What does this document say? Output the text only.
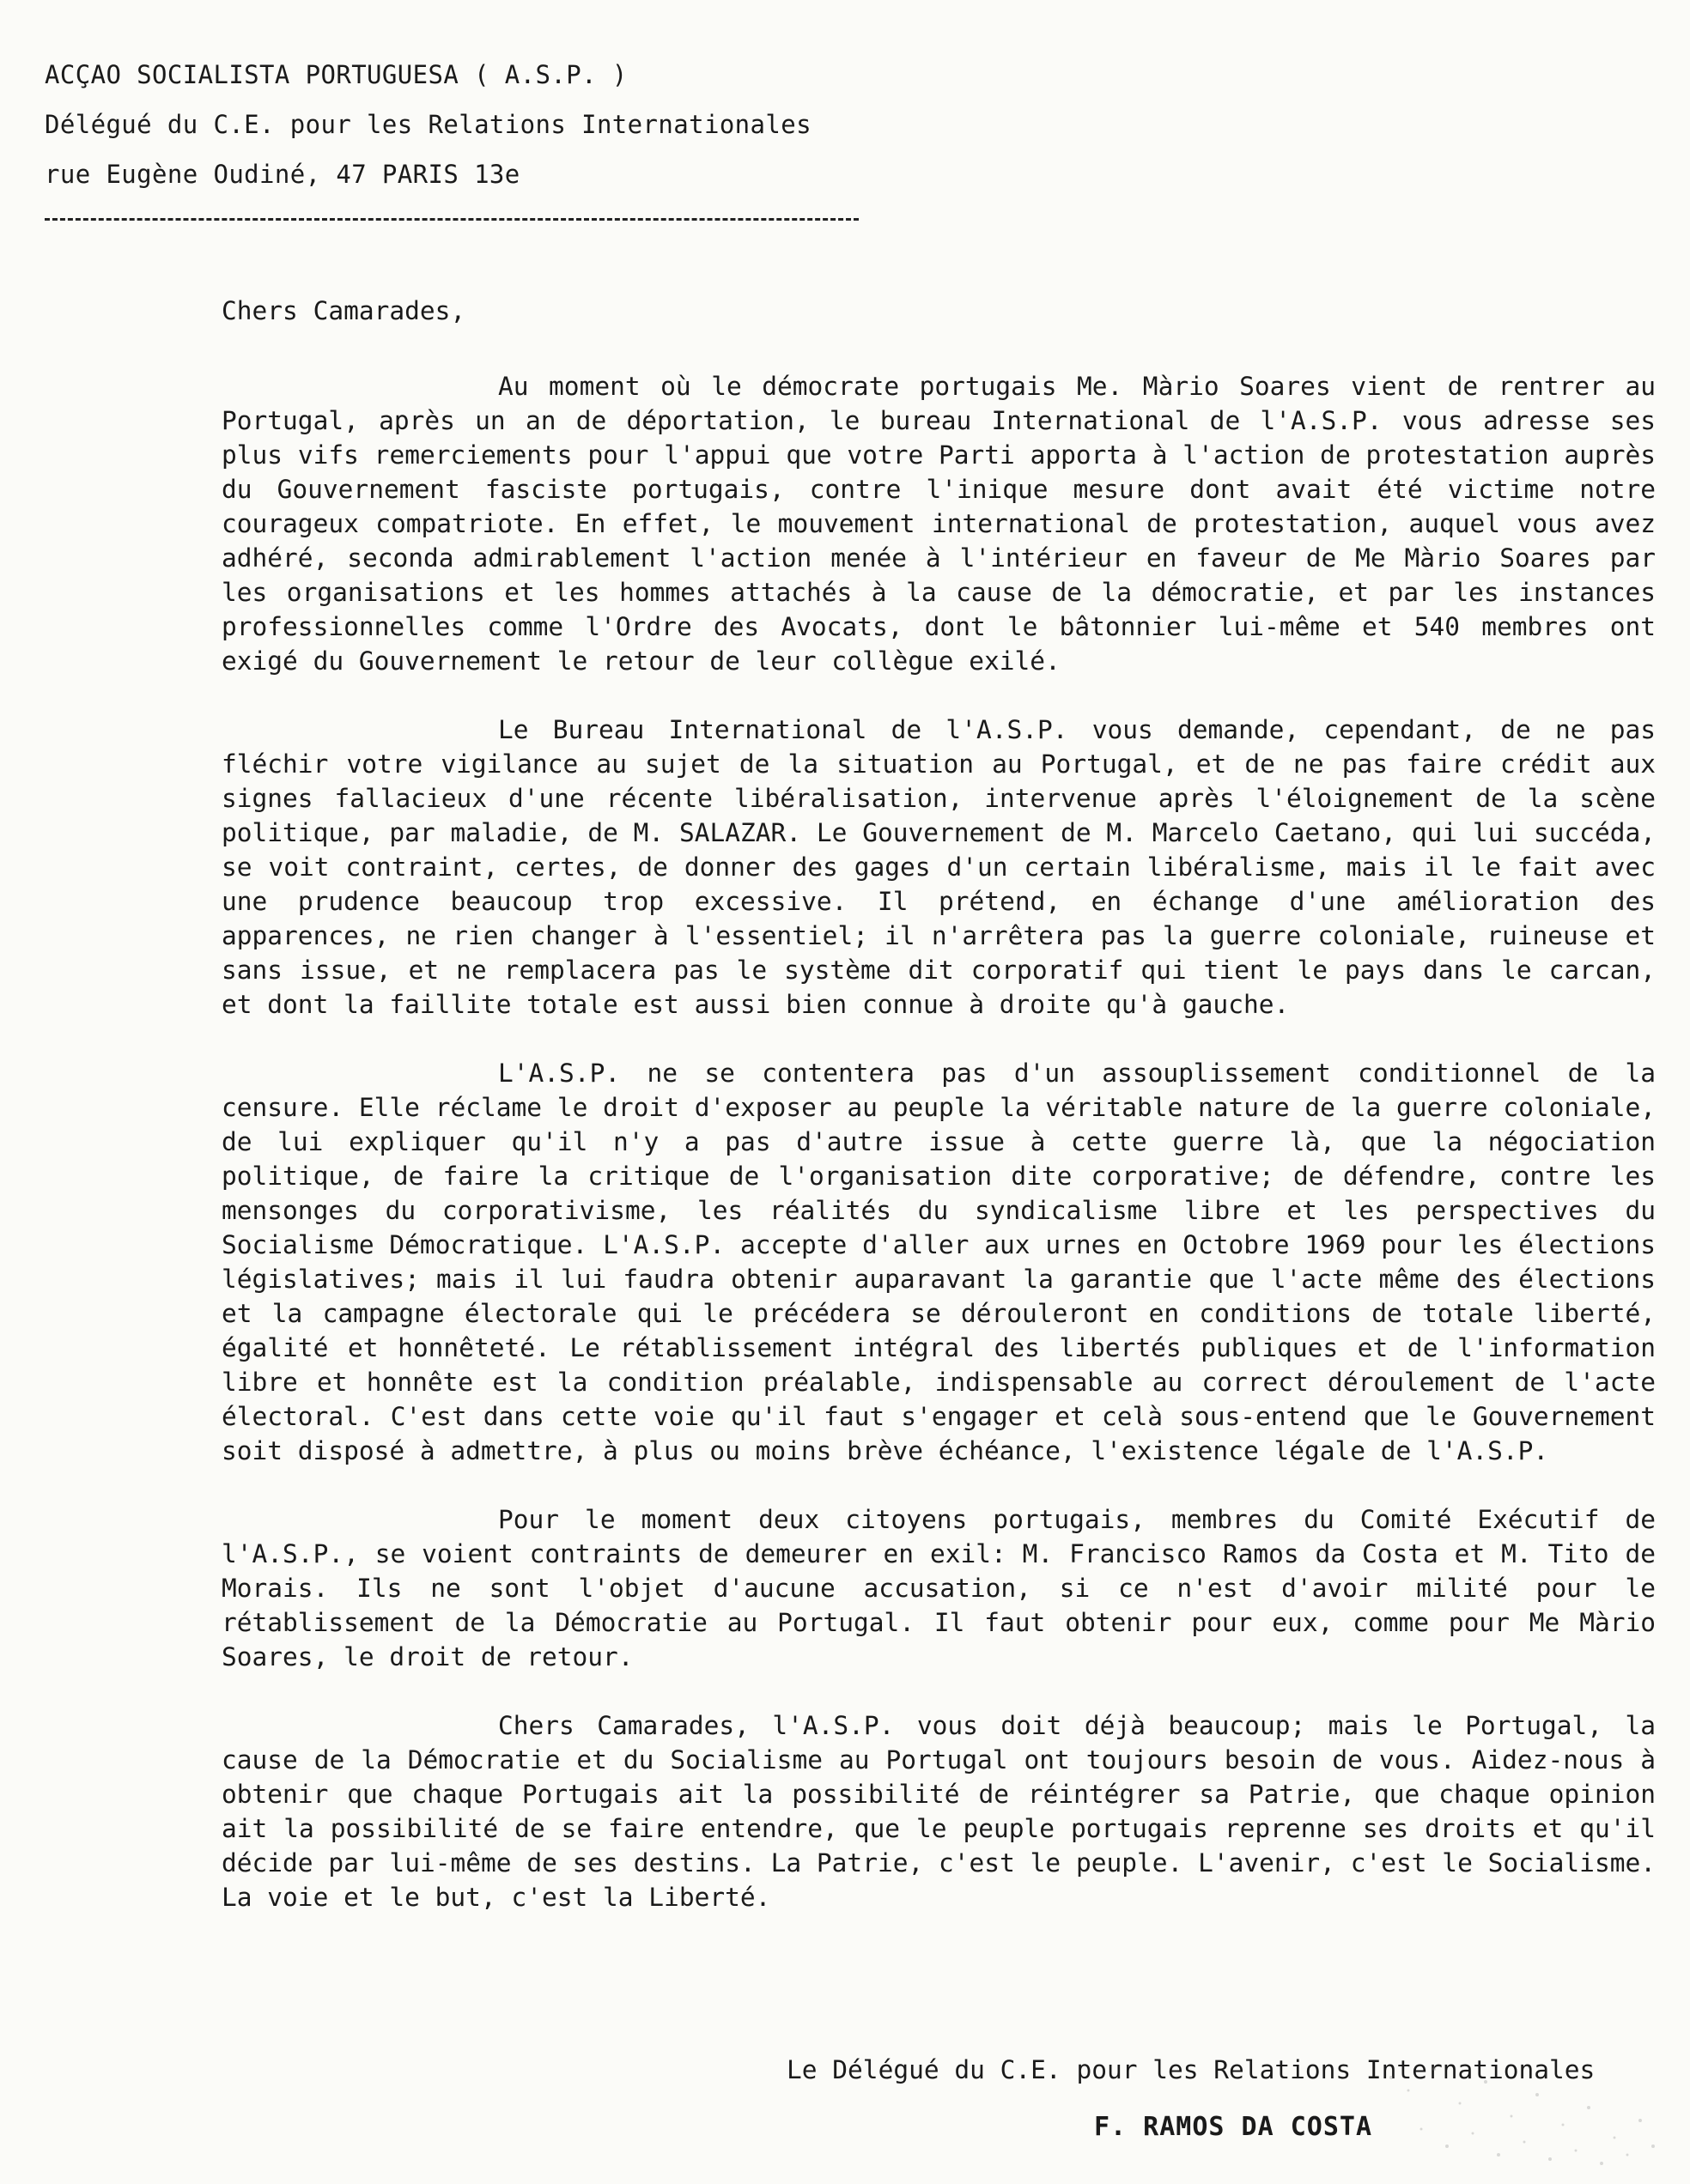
ACÇAO SOCIALISTA PORTUGUESA ( A.S.P. )
Délégué du C.E. pour les Relations Internationales
rue Eugène Oudiné, 47 PARIS 13e

Chers Camarades,

Au moment où le démocrate portugais Me. Màrio Soares vient de rentrer au Portugal, après un an de déportation, le bureau International de l'A.S.P. vous adresse ses plus vifs remerciements pour l'appui que votre Parti apporta à l'action de protestation auprès du Gouvernement fasciste portugais, contre l'inique mesure dont avait été victime notre courageux compatriote. En effet, le mouvement international de protestation, auquel vous avez adhéré, seconda admirablement l'action menée à l'intérieur en faveur de Me Màrio Soares par les organisations et les hommes attachés à la cause de la démocratie, et par les instances professionnelles comme l'Ordre des Avocats, dont le bâtonnier lui-même et 540 membres ont exigé du Gouvernement le retour de leur collègue exilé.

Le Bureau International de l'A.S.P. vous demande, cependant, de ne pas fléchir votre vigilance au sujet de la situation au Portugal, et de ne pas faire crédit aux signes fallacieux d'une récente libéralisation, intervenue après l'éloignement de la scène politique, par maladie, de M. SALAZAR. Le Gouvernement de M. Marcelo Caetano, qui lui succéda, se voit contraint, certes, de donner des gages d'un certain libéralisme, mais il le fait avec une prudence beaucoup trop excessive. Il prétend, en échange d'une amélioration des apparences, ne rien changer à l'essentiel; il n'arrêtera pas la guerre coloniale, ruineuse et sans issue, et ne remplacera pas le système dit corporatif qui tient le pays dans le carcan, et dont la faillite totale est aussi bien connue à droite qu'à gauche.

L'A.S.P. ne se contentera pas d'un assouplissement conditionnel de la censure. Elle réclame le droit d'exposer au peuple la véritable nature de la guerre coloniale, de lui expliquer qu'il n'y a pas d'autre issue à cette guerre là, que la négociation politique, de faire la critique de l'organisation dite corporative; de défendre, contre les mensonges du corporativisme, les réalités du syndicalisme libre et les perspectives du Socialisme Démocratique. L'A.S.P. accepte d'aller aux urnes en Octobre 1969 pour les élections législatives; mais il lui faudra obtenir auparavant la garantie que l'acte même des élections et la campagne électorale qui le précédera se dérouleront en conditions de totale liberté, égalité et honnêteté. Le rétablissement intégral des libertés publiques et de l'information libre et honnête est la condition préalable, indispensable au correct déroulement de l'acte électoral. C'est dans cette voie qu'il faut s'engager et celà sous-entend que le Gouvernement soit disposé à admettre, à plus ou moins brève échéance, l'existence légale de l'A.S.P.

Pour le moment deux citoyens portugais, membres du Comité Exécutif de l'A.S.P., se voient contraints de demeurer en exil: M. Francisco Ramos da Costa et M. Tito de Morais. Ils ne sont l'objet d'aucune accusation, si ce n'est d'avoir milité pour le rétablissement de la Démocratie au Portugal. Il faut obtenir pour eux, comme pour Me Màrio Soares, le droit de retour.

Chers Camarades, l'A.S.P. vous doit déjà beaucoup; mais le Portugal, la cause de la Démocratie et du Socialisme au Portugal ont toujours besoin de vous. Aidez-nous à obtenir que chaque Portugais ait la possibilité de réintégrer sa Patrie, que chaque opinion ait la possibilité de se faire entendre, que le peuple portugais reprenne ses droits et qu'il décide par lui-même de ses destins. La Patrie, c'est le peuple. L'avenir, c'est le Socialisme. La voie et le but, c'est la Liberté.

Le Délégué du C.E. pour les Relations Internationales
F. RAMOS DA COSTA
